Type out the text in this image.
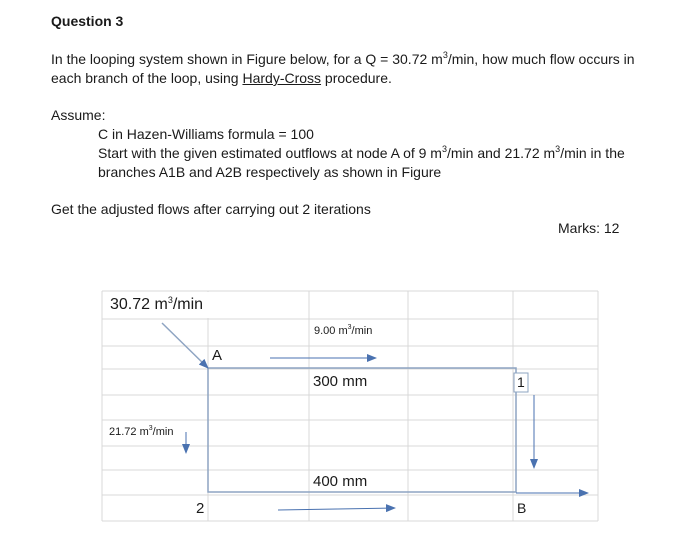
Question 3
In the looping system shown in Figure below, for a Q = 30.72 $m^3/\min$, how much flow occurs in
each branch of the loop, using Hardy-Cross procedure.
Assume:
C in Hazen-Williams formula = 100
Start with the given estimated outflows at node A of 9 $m^3/\min$ and 21.72 $m^3/\min$ in the
branches A1B and A2B respectively as shown in Figure
Get the adjusted flows after carrying out 2 iterations
Marks: 12
30.72 $m^3/\min$
9.00 $m^3/\min$
A
300 mm	1
21.72 $m^3/\min$
400 mm
2	B
